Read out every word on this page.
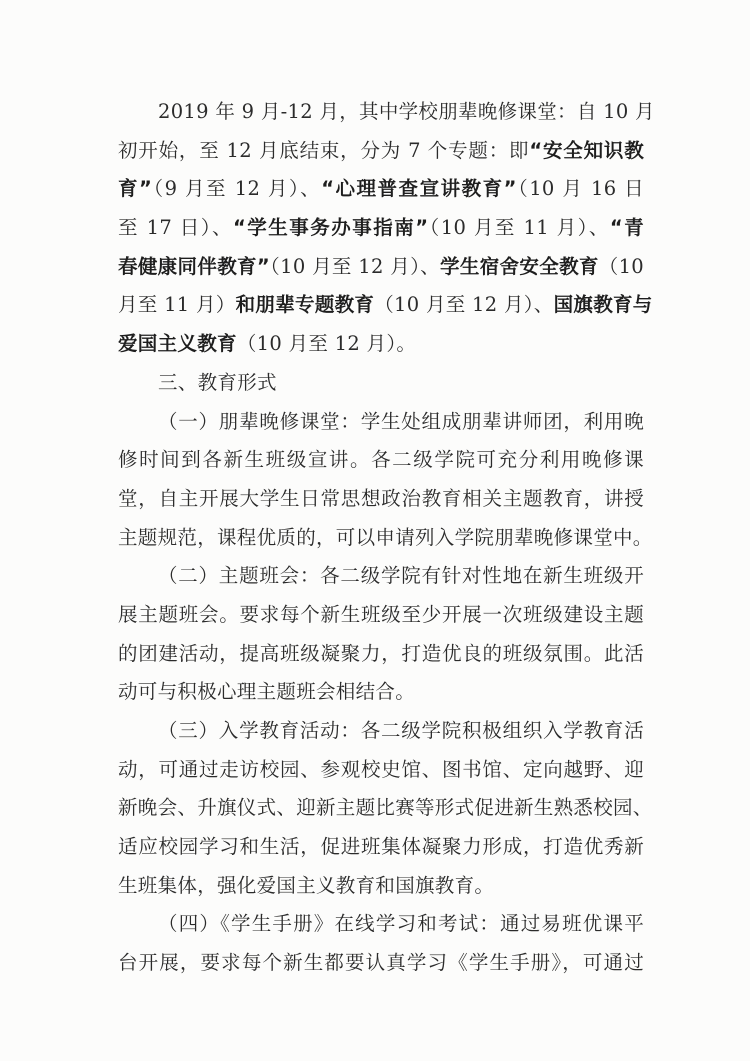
2019 年 9 月-12 月，其中学校朋辈晚修课堂：自 10 月
初开始，至 12 月底结束，分为 7 个专题：即“安全知识教
育”（9 月至 12 月）、“心理普查宣讲教育”（10 月 16 日
至 17 日）、“学生事务办事指南”（10 月至 11 月）、“青
春健康同伴教育”（10 月至 12 月）、学生宿舍安全教育（10
月至 11 月）和朋辈专题教育（10 月至 12 月）、国旗教育与
爱国主义教育（10 月至 12 月）。
三、教育形式
（一）朋辈晚修课堂：学生处组成朋辈讲师团，利用晚
修时间到各新生班级宣讲。各二级学院可充分利用晚修课
堂，自主开展大学生日常思想政治教育相关主题教育，讲授
主题规范，课程优质的，可以申请列入学院朋辈晚修课堂中。
（二）主题班会：各二级学院有针对性地在新生班级开
展主题班会。要求每个新生班级至少开展一次班级建设主题
的团建活动，提高班级凝聚力，打造优良的班级氛围。此活
动可与积极心理主题班会相结合。
（三）入学教育活动：各二级学院积极组织入学教育活
动，可通过走访校园、参观校史馆、图书馆、定向越野、迎
新晚会、升旗仪式、迎新主题比赛等形式促进新生熟悉校园、
适应校园学习和生活，促进班集体凝聚力形成，打造优秀新
生班集体，强化爱国主义教育和国旗教育。
（四）《学生手册》在线学习和考试：通过易班优课平
台开展，要求每个新生都要认真学习《学生手册》，可通过
